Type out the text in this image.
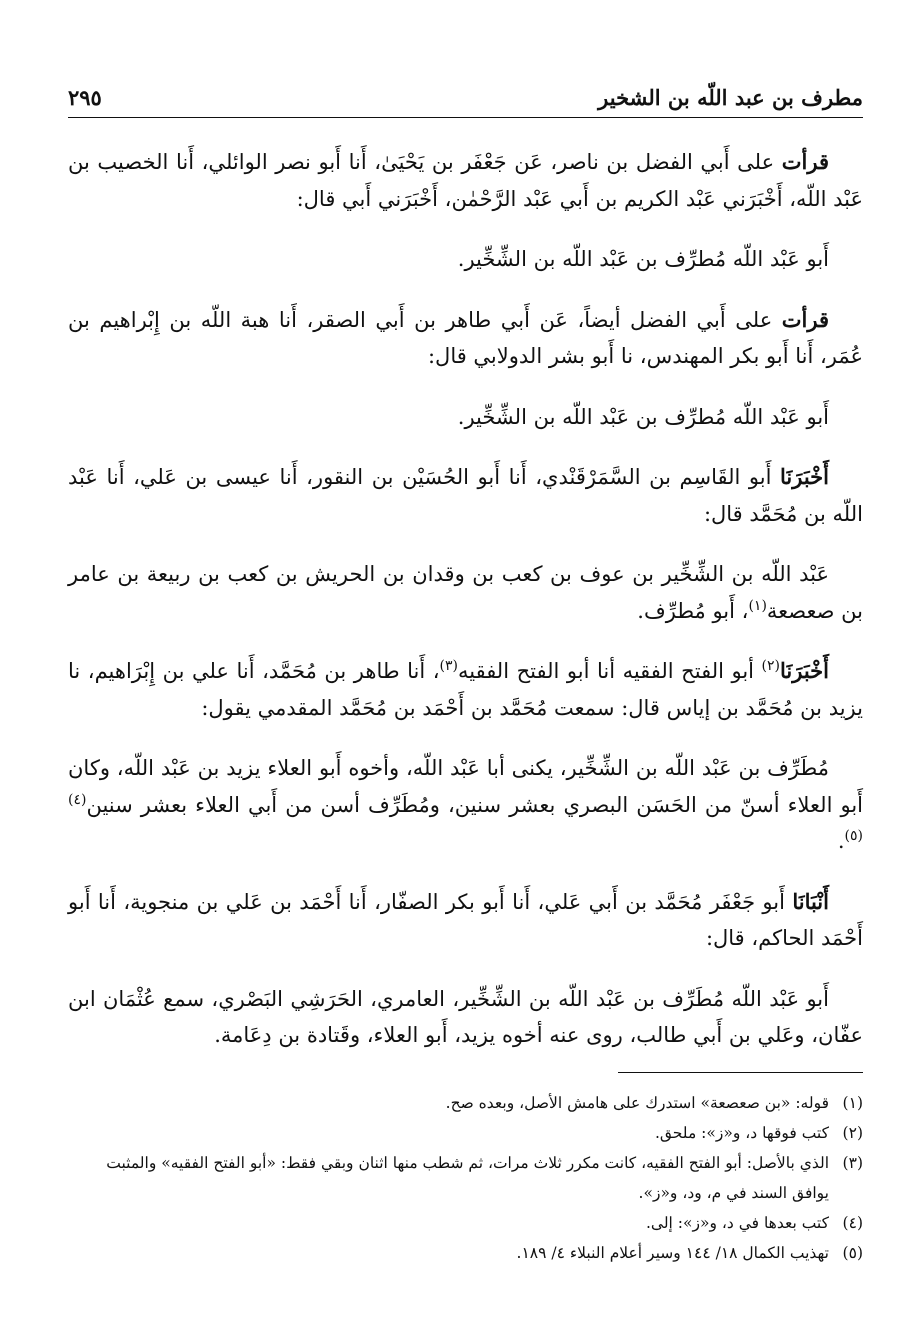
مطرف بن عبد اللّه بن الشخير
٢٩٥

قرأت على أَبي الفضل بن ناصر، عَن جَعْفَر بن يَحْيَىٰ، أَنا أَبو نصر الوائلي، أَنا الخصيب بن عَبْد اللّه، أَخْبَرَني عَبْد الكريم بن أَبي عَبْد الرَّحْمٰن، أَخْبَرَني أَبي قال:

أَبو عَبْد اللّه مُطرِّف بن عَبْد اللّه بن الشِّخِّير.

قرأت على أَبي الفضل أيضاً، عَن أَبي طاهر بن أَبي الصقر، أَنا هبة اللّه بن إِبْراهيم بن عُمَر، أَنا أَبو بكر المهندس، نا أَبو بشر الدولابي قال:

أَبو عَبْد اللّه مُطرِّف بن عَبْد اللّه بن الشِّخِّير.

أَخْبَرَنَا أَبو القَاسِم بن السَّمَرْقَنْدي، أَنا أَبو الحُسَيْن بن النقور، أَنا عيسى بن عَلي، أَنا عَبْد اللّه بن مُحَمَّد قال:

عَبْد اللّه بن الشِّخِّير بن عوف بن كعب بن وقدان بن الحريش بن كعب بن ربيعة بن عامر بن صعصعة$^{(١)}$، أَبو مُطرِّف.

أَخْبَرَنَا$^{(٢)}$ أبو الفتح الفقيه أنا أبو الفتح الفقيه$^{(٣)}$، أَنا طاهر بن مُحَمَّد، أَنا علي بن إِبْرَاهيم، نا يزيد بن مُحَمَّد بن إياس قال: سمعت مُحَمَّد بن أَحْمَد بن مُحَمَّد المقدمي يقول:

مُطَرِّف بن عَبْد اللّه بن الشِّخِّير، يكنى أبا عَبْد اللّه، وأخوه أَبو العلاء يزيد بن عَبْد اللّه، وكان أَبو العلاء أسنّ من الحَسَن البصري بعشر سنين، ومُطَرِّف أسن من أَبي العلاء بعشر سنين$^{(٤) (٥)}$.

أَنْبَانَا أَبو جَعْفَر مُحَمَّد بن أَبي عَلي، أَنا أَبو بكر الصفّار، أَنا أَحْمَد بن عَلي بن منجوية، أَنا أَبو أَحْمَد الحاكم، قال:

أَبو عَبْد اللّه مُطَرِّف بن عَبْد اللّه بن الشِّخِّير، العامري، الحَرَشِي البَصْري، سمع عُثْمَان ابن عفّان، وعَلي بن أَبي طالب، روى عنه أخوه يزيد، أَبو العلاء، وقَتادة بن دِعَامة.

(١)
قوله: «بن صعصعة» استدرك على هامش الأصل، وبعده صح.
(٢)
كتب فوقها د، و«ز»: ملحق.
(٣)
الذي بالأصل: أبو الفتح الفقيه، كانت مكرر ثلاث مرات، ثم شطب منها اثنان وبقي فقط: «أبو الفتح الفقيه» والمثبت يوافق السند في م، ود، و«ز».
(٤)
كتب بعدها في د، و«ز»: إلى.
(٥)
تهذيب الكمال ١٨/ ١٤٤ وسير أعلام النبلاء ٤/ ١٨٩.
